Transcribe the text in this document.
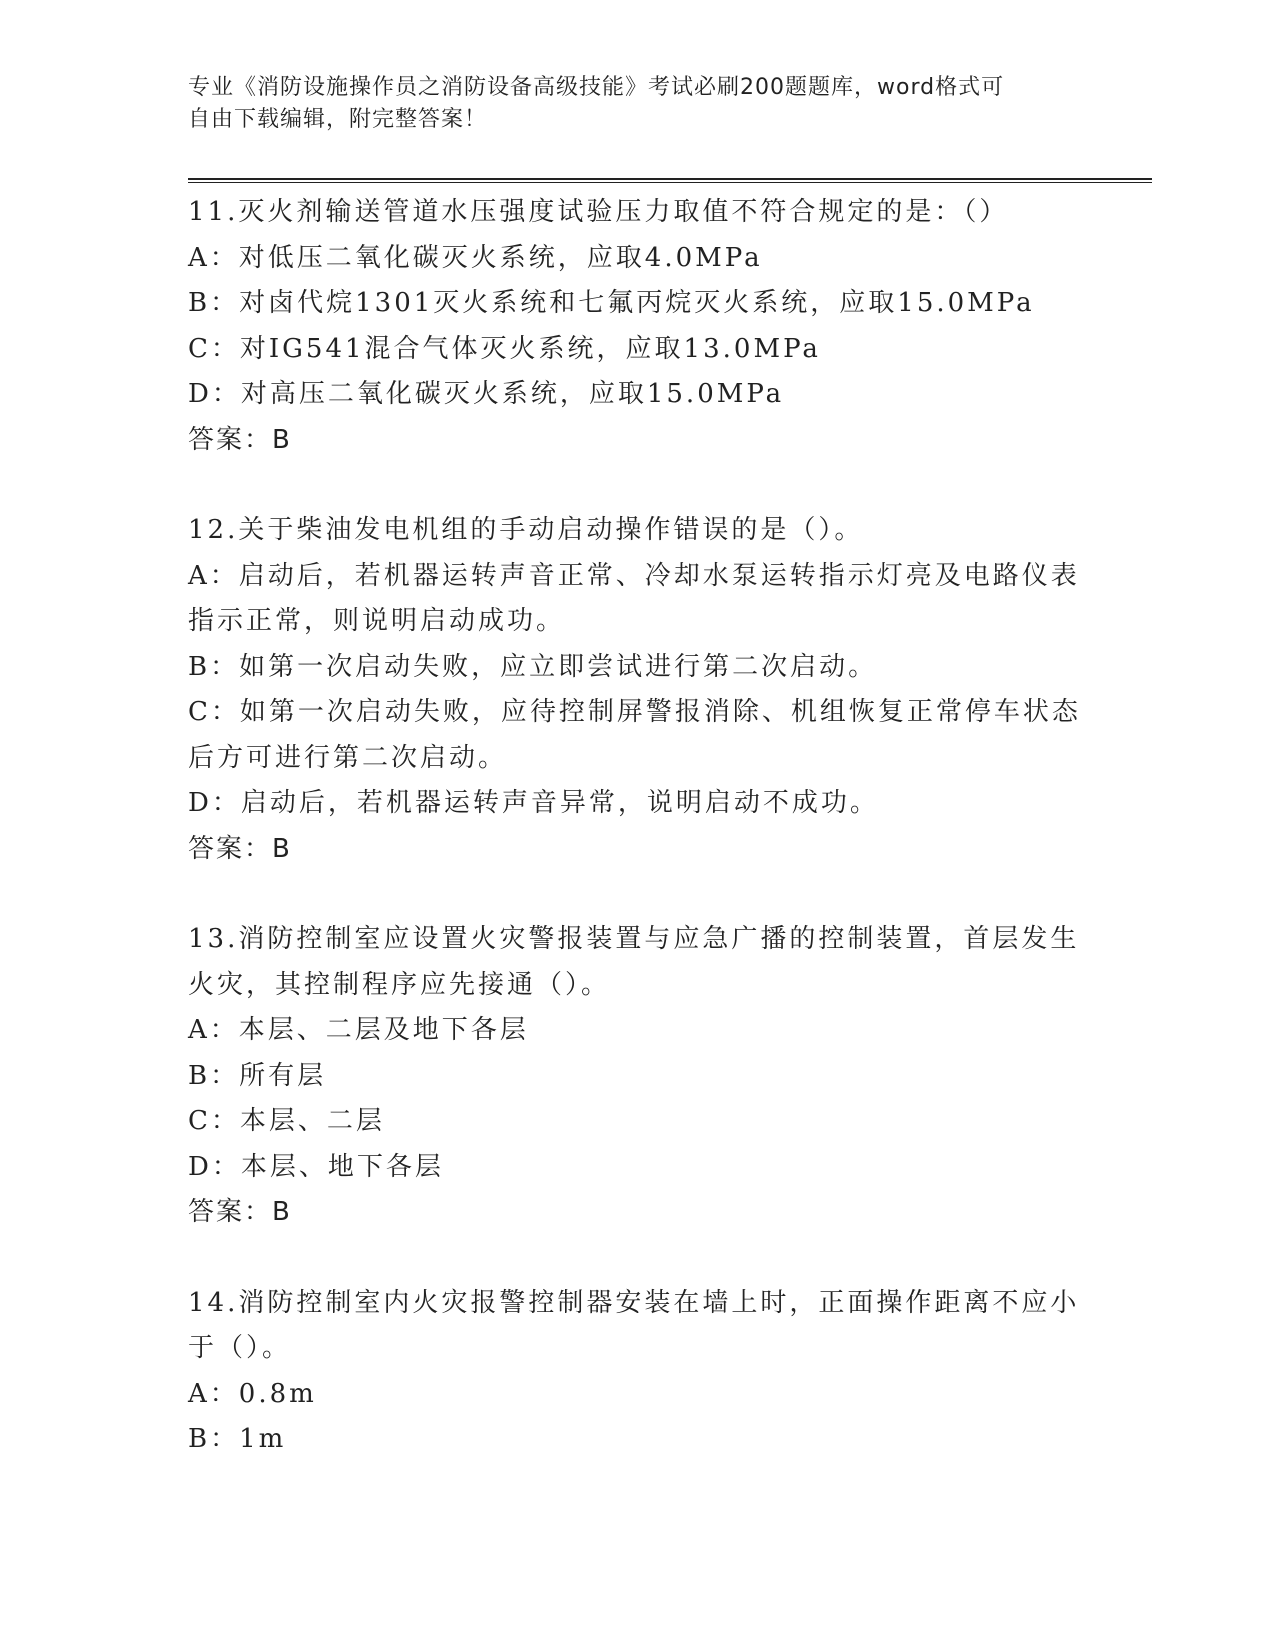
专业《消防设施操作员之消防设备高级技能》考试必刷200题题库，word格式可
自由下载编辑，附完整答案！
11.灭火剂输送管道水压强度试验压力取值不符合规定的是：（）
A：对低压二氧化碳灭火系统，应取4.0MPa
B：对卤代烷1301灭火系统和七氟丙烷灭火系统，应取15.0MPa
C：对IG541混合气体灭火系统，应取13.0MPa
D：对高压二氧化碳灭火系统，应取15.0MPa
答案：B
12.关于柴油发电机组的手动启动操作错误的是（）。
A：启动后，若机器运转声音正常、冷却水泵运转指示灯亮及电路仪表
指示正常，则说明启动成功。
B：如第一次启动失败，应立即尝试进行第二次启动。
C：如第一次启动失败，应待控制屏警报消除、机组恢复正常停车状态
后方可进行第二次启动。
D：启动后，若机器运转声音异常，说明启动不成功。
答案：B
13.消防控制室应设置火灾警报装置与应急广播的控制装置，首层发生
火灾，其控制程序应先接通（）。
A：本层、二层及地下各层
B：所有层
C：本层、二层
D：本层、地下各层
答案：B
14.消防控制室内火灾报警控制器安装在墙上时，正面操作距离不应小
于（）。
A：0.8m
B：1m
